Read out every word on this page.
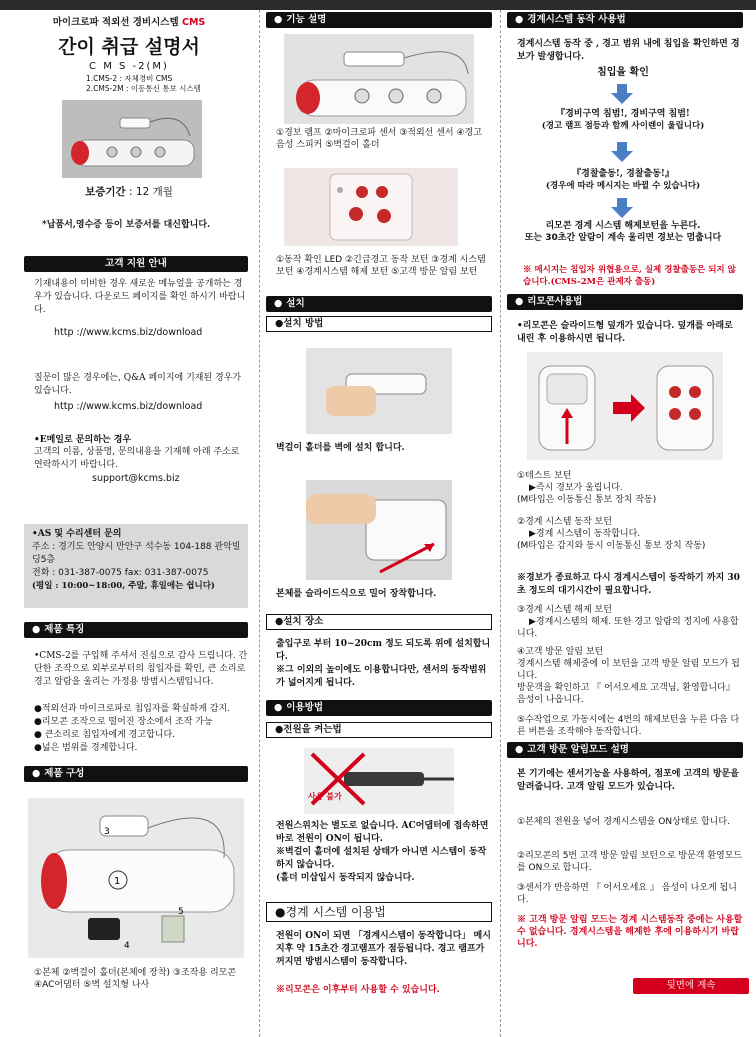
마이크로파 적외선 경비시스템 CMS
간이 취급 설명서
C M S -2(M)
1.CMS-2 : 자체경비 CMS
2.CMS-2M : 이동통신 통보 시스템
보증기간 : 12 개월
*납품서,영수증 등이 보증서를 대신합니다.
고객 지원 안내
기재내용이 미비한 경우 새로운 메뉴얼을 공개하는 경우가 있습니다. 다운로드 페이지를 확인 하시기 바랍니다.
http ://www.kcms.biz/download
질문이 많은 경우에는, Q&A 페이지에 기재된 경우가 있습니다.
http ://www.kcms.biz/download
•E메일로 문의하는 경우
고객의 이름, 상품명, 문의내용을 기재해 아래 주소로 연락하시기 바랍니다.
support@kcms.biz
•AS 및 수리센터 문의
주소 : 경기도 안양시 만안구 석수동 104-188 관악빌딩5층
전화 : 031-387-0075 fax: 031-387-0075
(평일 : 10:00~18:00, 주말, 휴일에는 쉽니다)
● 제품 특징
•CMS-2를 구입해 주셔서 진심으로 감사 드립니다. 간단한 조작으로 외부로부터의 침입자를 확인, 큰 소리로 경고 알람을 울리는 가정용 방범시스템입니다.
●적외선과 마이크로파로 침입자를 확실하게 감지.
●리모콘 조작으로 떨어진 장소에서 조작 가능
● 큰소리로 침입자에게 경고합니다.
●넓은 범위를 경계합니다.
● 제품 구성
1
3
4
5
①본체 ②벽걸이 홀더(본체에 장착) ③조작용 리모콘 ④AC어댑터 ⑤벽 설치형 나사
● 기능 설명
①경보 램프 ②마이크로파 센서 ③적외선 센서 ④경고 음성 스피커 ⑤벽걸이 홀더
①동작 확인 LED ②긴급경고 동작 보턴 ③경계 시스템 보턴 ④경계시스템 해제 보턴 ⑤고객 방문 알림 보턴
● 설치
●설치 방법
벽걸이 홀더를 벽에 설치 합니다.
본체를 슬라이드식으로 밀어 장착합니다.
●설치 장소
출입구로 부터 10~20cm 정도 되도록 위에 설치합니다.
※그 이외의 높이에도 이용합니다만, 센서의 동작범위가 넓어지게 됩니다.
● 이용방법
●전원을 켜는법
사용 불가
전원스위치는 별도로 없습니다. AC어댑터에 접속하면 바로 전원이 ON이 됩니다.
※벽걸이 홀더에 설치된 상태가 아니면 시스템이 동작하지 않습니다.
(홀더 미삽입시 동작되지 않습니다.
●경계 시스템 이용법
전원이 ON이 되면 「경계시스템이 동작합니다」 메시지후 약 15초간 경고램프가 점등됩니다. 경고 램프가 꺼지면 방범시스템이 동작합니다.
※리모콘은 이후부터 사용할 수 있습니다.
● 경계시스템 동작 사용법
경계시스템 동작 중 , 경고 범위 내에 침입을 확인하면 경보가 발생합니다.
침입을 확인
『경비구역 침범!, 경비구역 침범!
(경고 램프 점등과 함께 사이렌이 울립니다)
『경찰출동!, 경찰출동!』
(경우에 따라 메시지는 바뀔 수 있습니다)
리모콘 경계 시스템 해제보턴을 누른다.
또는 30초간 알람이 계속 울리면 경보는 멈춥니다
※ 메시지는 침입자 위협용으로, 실제 경찰출동은 되지 않습니다.(CMS-2M은 관제자 출동)
● 리모콘사용법
•리모콘은 슬라이드형 덮개가 있습니다. 덮개를 아래로 내린 후 이용하시면 됩니다.
①테스트 보턴
▶즉시 경보가 울립니다.
(M타입은 이동통신 통보 장치 작동)
②경계 시스템 동작 보턴
▶경계 시스템이 동작합니다.
(M타입은 감지와 동시 이동통신 통보 장치 작동)
※경보가 종료하고 다시 경계시스템이 동작하기 까지 30초 정도의 대기시간이 필요합니다.
③경계 시스템 해제 보턴
▶경계시스템의 해제. 또한 경고 알람의 정지에 사용합니다.
④고객 방문 알림 보턴
경계시스템 해제중에 이 보턴을 고객 방문 알림 모드가 됩니다.
방문객을 확인하고 『 어서오세요 고객님, 환영합니다』음성이 나옵니다.
⑤수작업으로 가동시에는 4번의 해제보턴을 누른 다음 다른 버튼을 조작해야 동작합니다.
● 고객 방문 알림모드 설명
본 기기에는 센서기능을 사용하여, 점포에 고객의 방문을 알려줍니다. 고객 알림 모드가 있습니다.
①본체의 전원을 넣어 경계시스템을 ON상태로 합니다.
②리모콘의 5번 고객 방문 알림 보턴으로 방문객 환영모드를 ON으로 합니다.
③센서가 반응하면 『 어서오세요 』 음성이 나오게 됩니다.
※ 고객 방문 알림 모드는 경계 시스템동작 중에는 사용할 수 없습니다. 경계시스템을 해제한 후에 이용하시기 바랍니다.
뒷면에 계속
